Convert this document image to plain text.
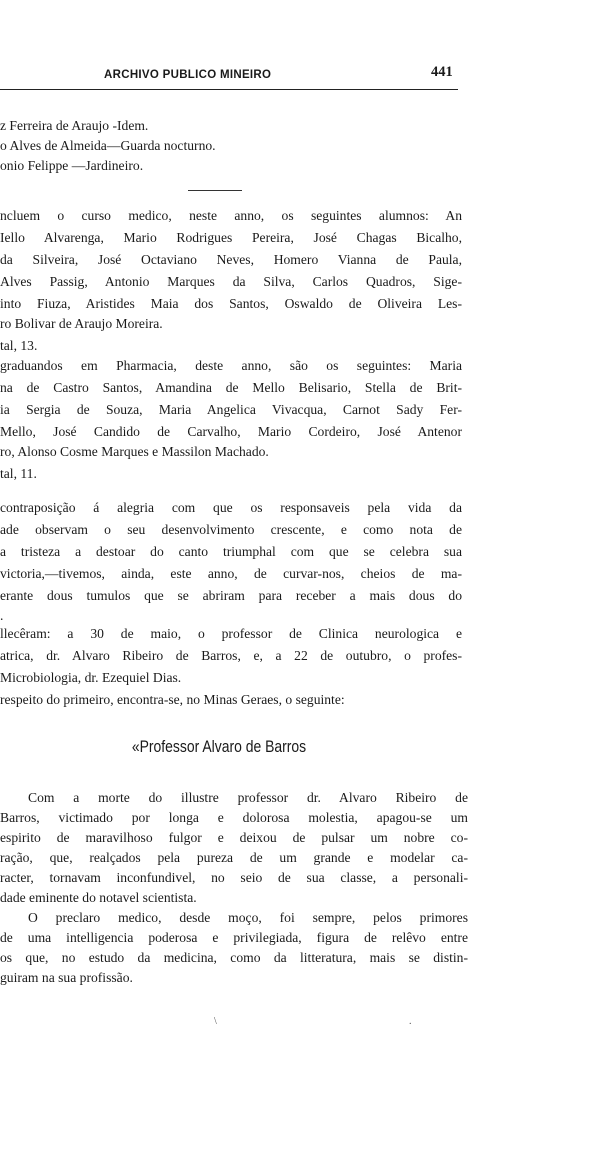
ARCHIVO PUBLICO MINEIRO	441
z Ferreira de Araujo -Idem.
o Alves de Almeida—Guarda nocturno.
onio Felippe —Jardineiro.
ncluem o curso medico, neste anno, os seguintes alumnos: An
Iello Alvarenga, Mario Rodrigues Pereira, José Chagas Bicalho,
da Silveira, José Octaviano Neves, Homero Vianna de Paula,
Alves Passig, Antonio Marques da Silva, Carlos Quadros, Sige-
into Fiuza, Aristides Maia dos Santos, Oswaldo de Oliveira Les-
ro Bolivar de Araujo Moreira.
tal, 13.
graduandos em Pharmacia, deste anno, são os seguintes: Maria
na de Castro Santos, Amandina de Mello Belisario, Stella de Brit-
ia Sergia de Souza, Maria Angelica Vivacqua, Carnot Sady Fer-
Mello, José Candido de Carvalho, Mario Cordeiro, José Antenor
ro, Alonso Cosme Marques e Massilon Machado.
tal, 11.
contraposição á alegria com que os responsaveis pela vida da
ade observam o seu desenvolvimento crescente, e como nota de
a tristeza a destoar do canto triumphal com que se celebra sua
victoria,—tivemos, ainda, este anno, de curvar-nos, cheios de ma-
erante dous tumulos que se abriram para receber a mais dous do
.
llecêram: a 30 de maio, o professor de Clinica neurologica e
atrica, dr. Alvaro Ribeiro de Barros, e, a 22 de outubro, o profes-
Microbiologia, dr. Ezequiel Dias.
respeito do primeiro, encontra-se, no Minas Geraes, o seguinte:
«Professor Alvaro de Barros
Com a morte do illustre professor dr. Alvaro Ribeiro de
Barros, victimado por longa e dolorosa molestia, apagou-se um
espirito de maravilhoso fulgor e deixou de pulsar um nobre co-
ração, que, realçados pela pureza de um grande e modelar ca-
racter, tornavam inconfundivel, no seio de sua classe, a personali-
dade eminente do notavel scientista.
O preclaro medico, desde moço, foi sempre, pelos primores
de uma intelligencia poderosa e privilegiada, figura de relêvo entre
os que, no estudo da medicina, como da litteratura, mais se distin-
guiram na sua profissão.
\	.
